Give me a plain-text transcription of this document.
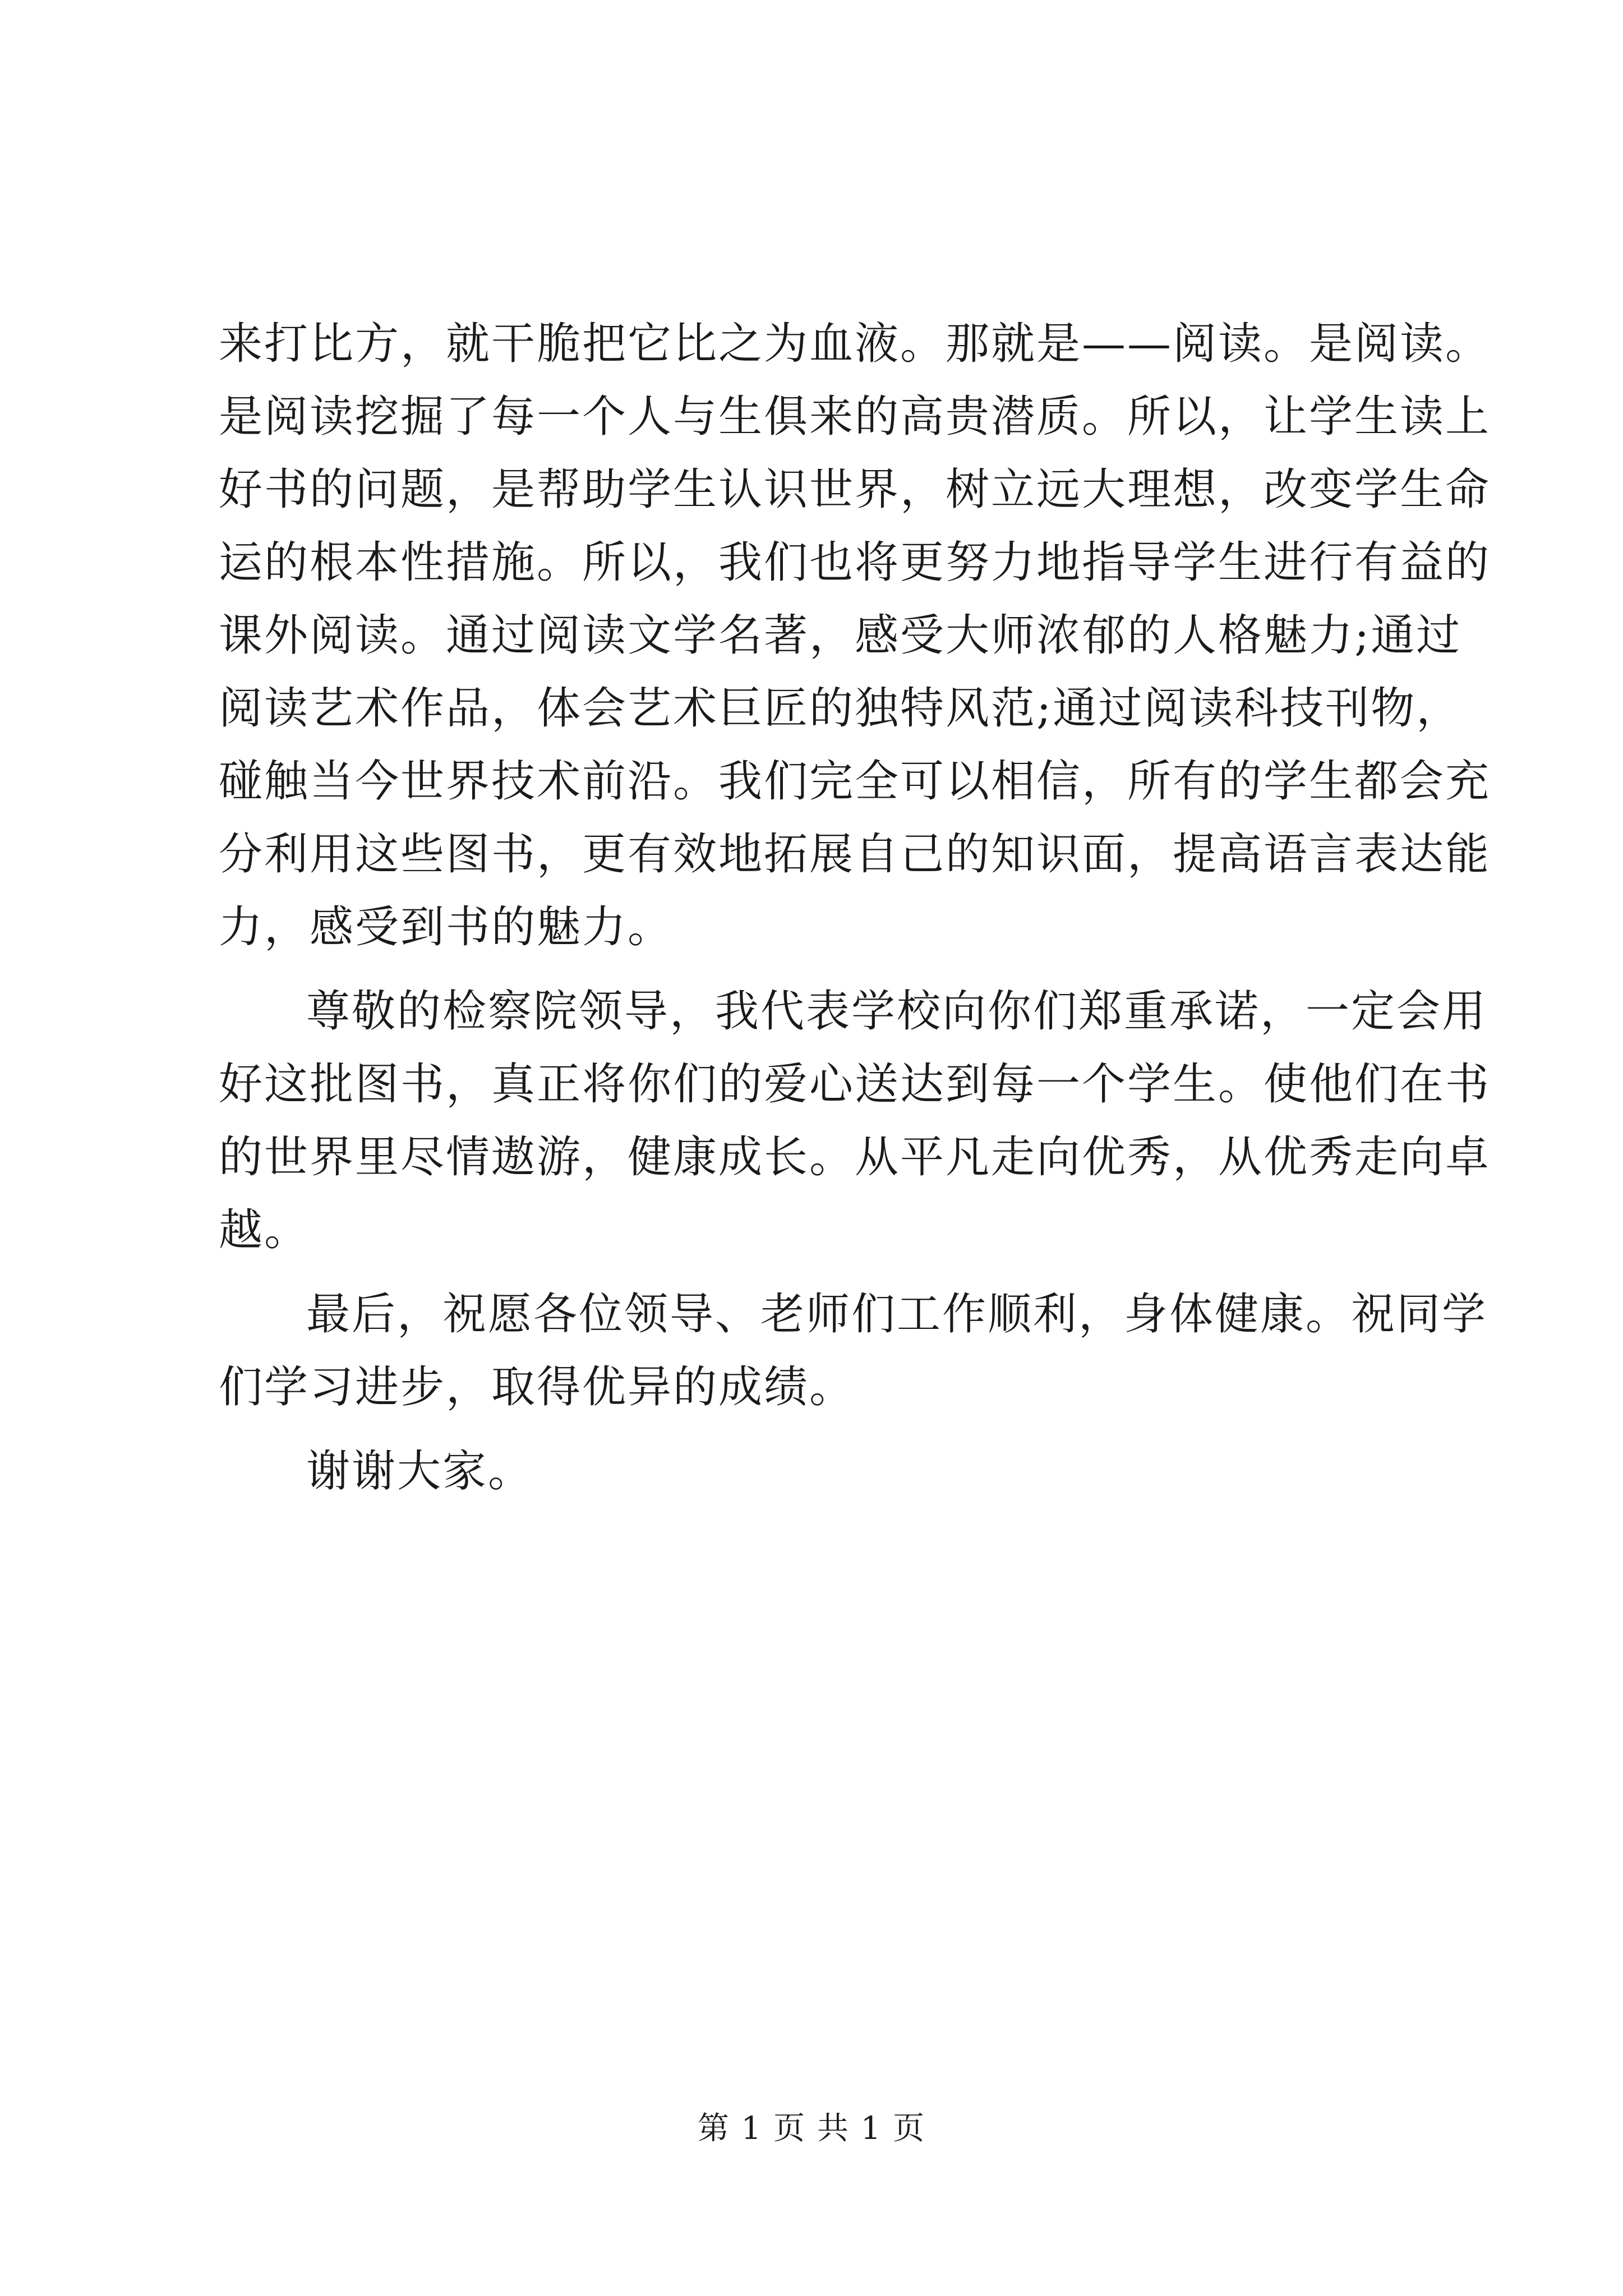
来打比方，就干脆把它比之为血液。那就是——阅读。是阅读。
是阅读挖掘了每一个人与生俱来的高贵潜质。所以，让学生读上
好书的问题，是帮助学生认识世界，树立远大理想，改变学生命
运的根本性措施。所以，我们也将更努力地指导学生进行有益的
课外阅读。通过阅读文学名著，感受大师浓郁的人格魅力;通过
阅读艺术作品，体会艺术巨匠的独特风范;通过阅读科技刊物，
碰触当今世界技术前沿。我们完全可以相信，所有的学生都会充
分利用这些图书，更有效地拓展自己的知识面，提高语言表达能
力，感受到书的魅力。
尊敬的检察院领导，我代表学校向你们郑重承诺，一定会用
好这批图书，真正将你们的爱心送达到每一个学生。使他们在书
的世界里尽情遨游，健康成长。从平凡走向优秀，从优秀走向卓
越。
最后，祝愿各位领导、老师们工作顺利，身体健康。祝同学
们学习进步，取得优异的成绩。
谢谢大家。
第 1 页 共 1 页
